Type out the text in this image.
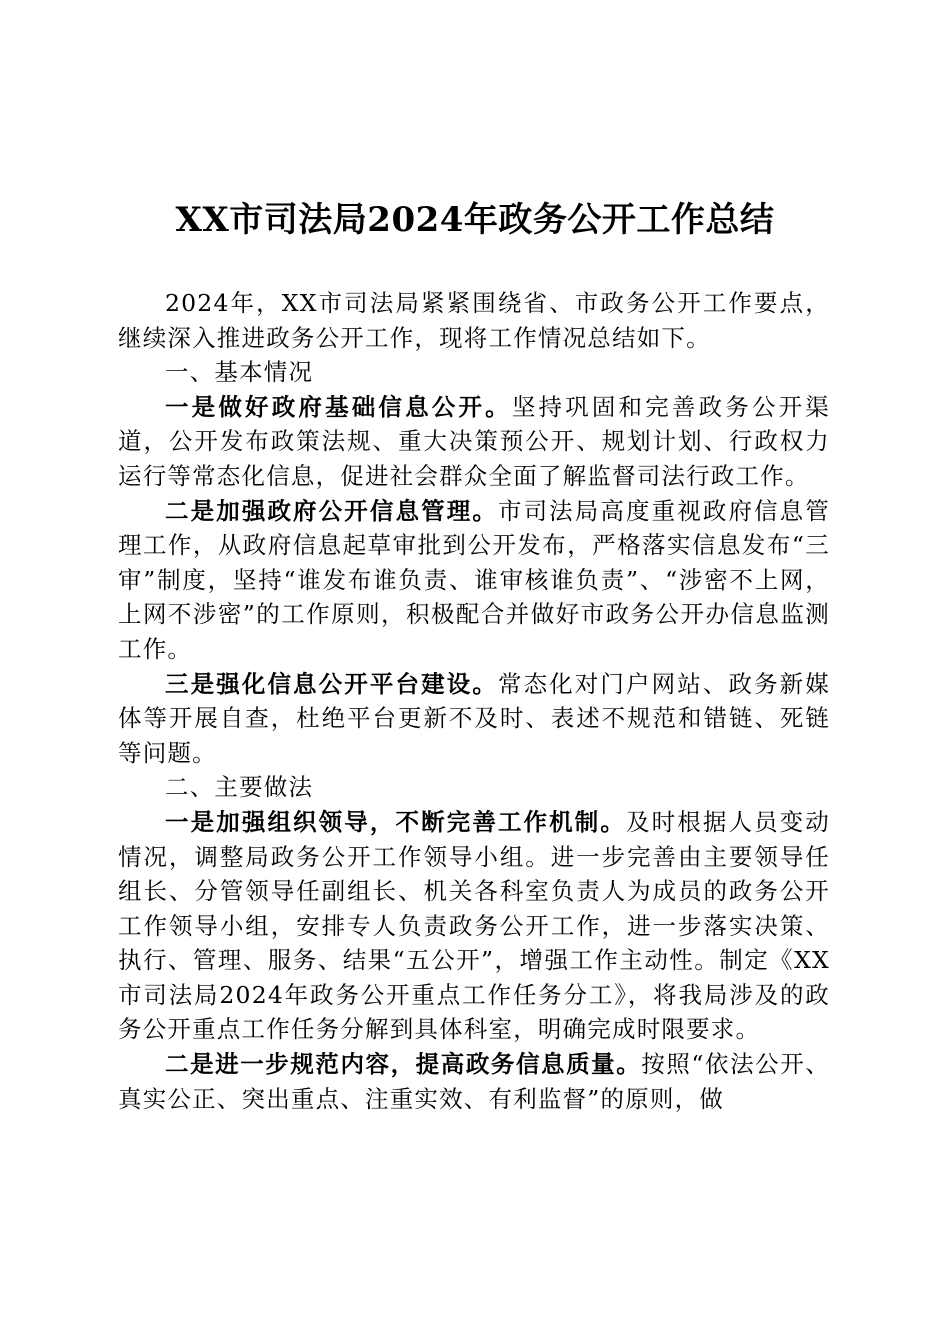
XX市司法局2024年政务公开工作总结

2024年，XX市司法局紧紧围绕省、市政务公开工作要点，继续深入推进政务公开工作，现将工作情况总结如下。

一、基本情况

一是做好政府基础信息公开。坚持巩固和完善政务公开渠道，公开发布政策法规、重大决策预公开、规划计划、行政权力运行等常态化信息，促进社会群众全面了解监督司法行政工作。

二是加强政府公开信息管理。市司法局高度重视政府信息管理工作，从政府信息起草审批到公开发布，严格落实信息发布“三审”制度，坚持“谁发布谁负责、谁审核谁负责”、“涉密不上网，上网不涉密”的工作原则，积极配合并做好市政务公开办信息监测工作。

三是强化信息公开平台建设。常态化对门户网站、政务新媒体等开展自查，杜绝平台更新不及时、表述不规范和错链、死链等问题。

二、主要做法

一是加强组织领导，不断完善工作机制。及时根据人员变动情况，调整局政务公开工作领导小组。进一步完善由主要领导任组长、分管领导任副组长、机关各科室负责人为成员的政务公开工作领导小组，安排专人负责政务公开工作，进一步落实决策、执行、管理、服务、结果“五公开”，增强工作主动性。制定《XX市司法局2024年政务公开重点工作任务分工》，将我局涉及的政务公开重点工作任务分解到具体科室，明确完成时限要求。

二是进一步规范内容，提高政务信息质量。按照“依法公开、真实公正、突出重点、注重实效、有利监督”的原则，做
